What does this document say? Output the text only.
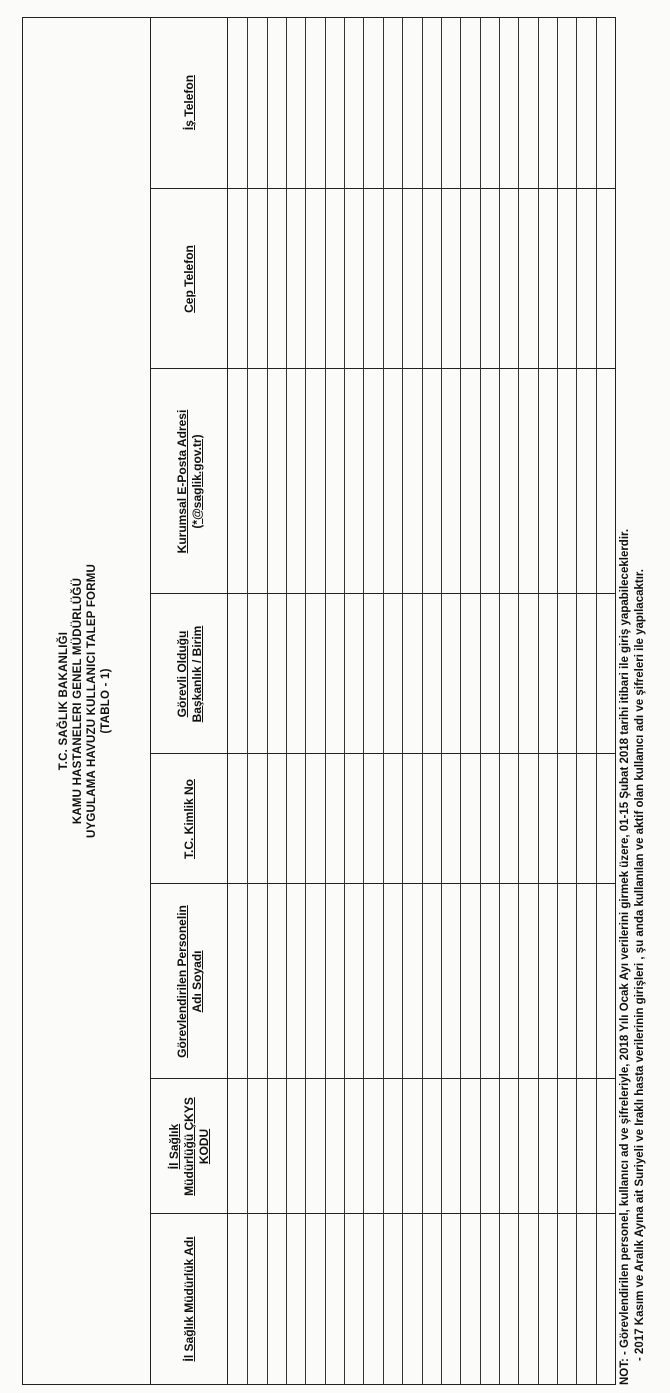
T.C. SAĞLIK BAKANLIĞI KAMU HASTANELERI GENEL MÜDÜRLÜĞÜ UYGULAMA HAVUZU KULLANICI TALEP FORMU (TABLO - 1)
İl Sağlık Müdürlük Adı
İl Sağlık
Müdürlüğü ÇKYS
KODU
Görevlendirilen Personelin
Adı Soyadı
T.C. Kimlik No
Görevli Olduğu
Başkanlık / Birim
Kurumsal E-Posta Adresi
(*@saglik.gov.tr)
Cep Telefon
İş Telefon
NOT: - Görevlendirilen personel, kullanıcı ad ve şifreleriyle, 2018 Yılı Ocak Ayı verilerini girmek üzere, 01-15 Şubat 2018 tarihi itibari ile giriş yapabileceklerdir. - 2017 Kasım ve Aralık Ayına ait Suriyeli ve Iraklı hasta verilerinin girişleri , şu anda kullanılan ve aktif olan kullanıcı adı ve şifreleri ile yapılacaktır.
